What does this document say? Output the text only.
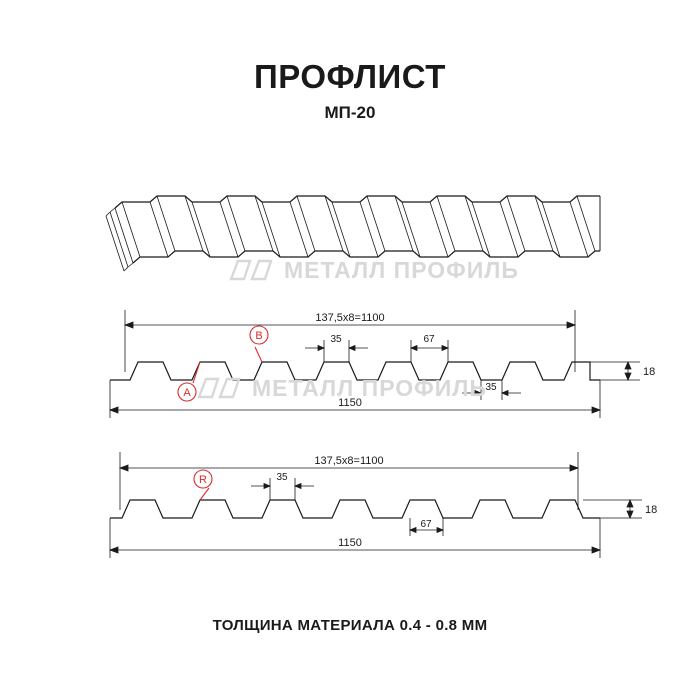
ПРОФЛИСТ
МП-20
МЕТАЛЛ ПРОФИЛЬ
137,5х8=1100
18
35	67
35
1150
A
B
МЕТАЛЛ ПРОФИЛЬ
137,5х8=1100
18
35
67
1150
R
ТОЛЩИНА МАТЕРИАЛА 0.4 - 0.8 ММ
